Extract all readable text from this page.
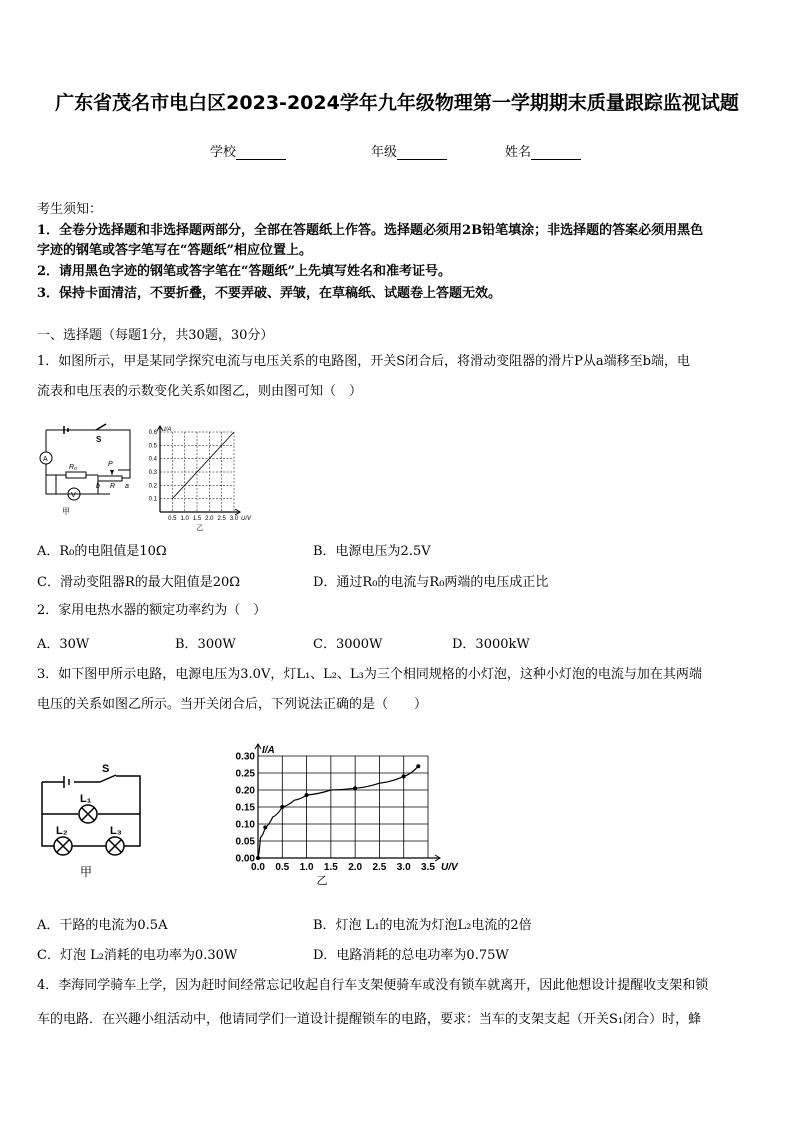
广东省茂名市电白区2023-2024学年九年级物理第一学期期末质量跟踪监视试题
学校	年级	姓名
考生须知：
1．全卷分选择题和非选择题两部分，全部在答题纸上作答。选择题必须用2B铅笔填涂；非选择题的答案必须用黑色
字迹的钢笔或答字笔写在“答题纸”相应位置上。
2．请用黑色字迹的钢笔或答字笔在“答题纸”上先填写姓名和准考证号。
3．保持卡面清洁，不要折叠，不要弄破、弄皱，在草稿纸、试题卷上答题无效。
一、选择题（每题1分，共30题，30分）
1．如图所示，甲是某同学探究电流与电压关系的电路图，开关S闭合后，将滑动变阻器的滑片P从a端移至b端，电
流表和电压表的示数变化关系如图乙，则由图可知（　）
S
A
R₀	P
b R a
V
甲
0.5 1.0 1.5 2.0 2.5 3.0
0.1
0.2
0.3
0.4
0.5
0.6 I/A
U/V
乙
A．R₀的电阻值是10Ω	B．电源电压为2.5V
C．滑动变阻器R的最大阻值是20Ω	D．通过R₀的电流与R₀两端的电压成正比
2．家用电热水器的额定功率约为（　）
A．30W	B．300W	C．3000W	D．3000kW
3．如下图甲所示电路，电源电压为3.0V，灯L₁、L₂、L₃为三个相同规格的小灯泡，这种小灯泡的电流与加在其两端
电压的关系如图乙所示。当开关闭合后，下列说法正确的是（　　）
S
L₁
L₂	L₃
甲	0.0 0.5 1.0 1.5 2.0 2.5 3.0 3.5
0.00
0.05
0.10
0.15
0.20
0.25
0.30
I/A
U/V
乙
A．干路的电流为0.5A	B．灯泡 L₁的电流为灯泡L₂电流的2倍
C．灯泡 L₂消耗的电功率为0.30W	D．电路消耗的总电功率为0.75W
4．李海同学骑车上学，因为赶时间经常忘记收起自行车支架便骑车或没有锁车就离开，因此他想设计提醒收支架和锁
车的电路．在兴趣小组活动中，他请同学们一道设计提醒锁车的电路，要求：当车的支架支起（开关S₁闭合）时，蜂
